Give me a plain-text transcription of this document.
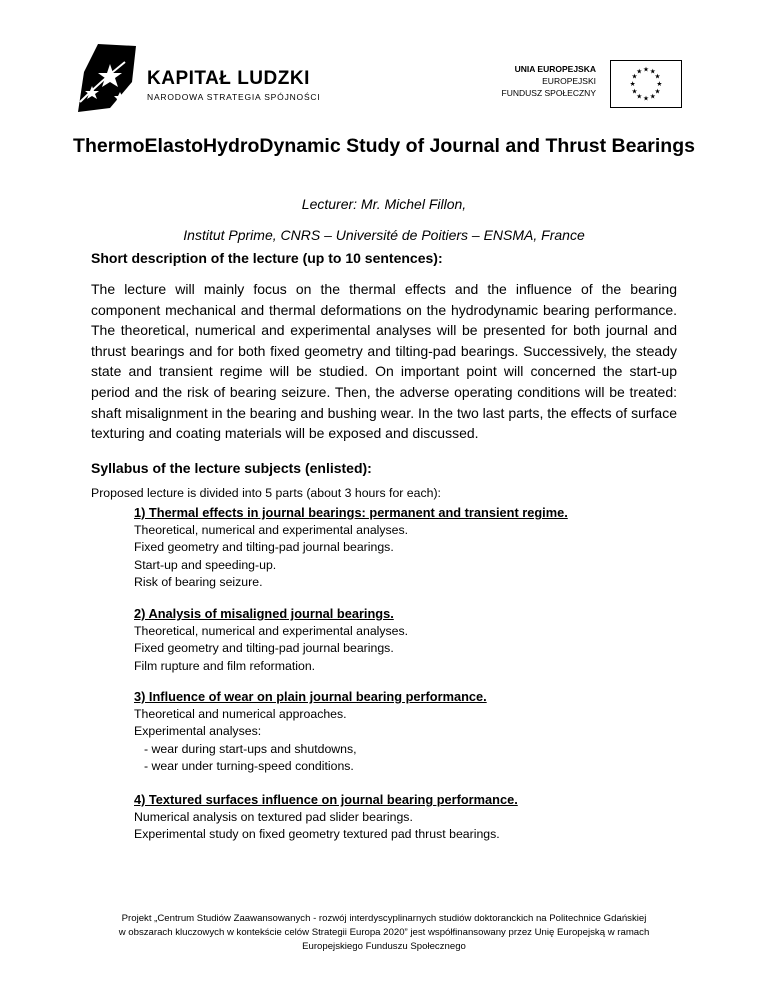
KAPITAŁ LUDZKI
NARODOWA STRATEGIA SPÓJNOŚCI
UNIA EUROPEJSKA
EUROPEJSKI
FUNDUSZ SPOŁECZNY
★ ★
★
★
★
★
★
★
★
★
★
★
ThermoElastoHydroDynamic Study of Journal and Thrust Bearings
Lecturer: Mr. Michel Fillon,
Institut Pprime, CNRS – Université de Poitiers – ENSMA, France
Short description of the lecture (up to 10 sentences):
The lecture will mainly focus on the thermal effects and the influence of the bearing component mechanical and thermal deformations on the hydrodynamic bearing performance. The theoretical, numerical and experimental analyses will be presented for both journal and thrust bearings and for both fixed geometry and tilting-pad bearings. Successively, the steady state and transient regime will be studied. On important point will concerned the start-up period and the risk of bearing seizure. Then, the adverse operating conditions will be treated: shaft misalignment in the bearing and bushing wear. In the two last parts, the effects of surface texturing and coating materials will be exposed and discussed.
Syllabus of the lecture subjects (enlisted):
Proposed lecture is divided into 5 parts (about 3 hours for each):
1) Thermal effects in journal bearings: permanent and transient regime.
Theoretical, numerical and experimental analyses.
Fixed geometry and tilting-pad journal bearings.
Start-up and speeding-up.
Risk of bearing seizure.
2) Analysis of misaligned journal bearings.
Theoretical, numerical and experimental analyses.
Fixed geometry and tilting-pad journal bearings.
Film rupture and film reformation.
3) Influence of wear on plain journal bearing performance.
Theoretical and numerical approaches.
Experimental analyses:
- wear during start-ups and shutdowns,
- wear under turning-speed conditions.
4) Textured surfaces influence on journal bearing performance.
Numerical analysis on textured pad slider bearings.
Experimental study on fixed geometry textured pad thrust bearings.
Projekt „Centrum Studiów Zaawansowanych - rozwój interdyscyplinarnych studiów doktoranckich na Politechnice Gdańskiej
w obszarach kluczowych w kontekście celów Strategii Europa 2020” jest współfinansowany przez Unię Europejską w ramach
Europejskiego Funduszu Społecznego
